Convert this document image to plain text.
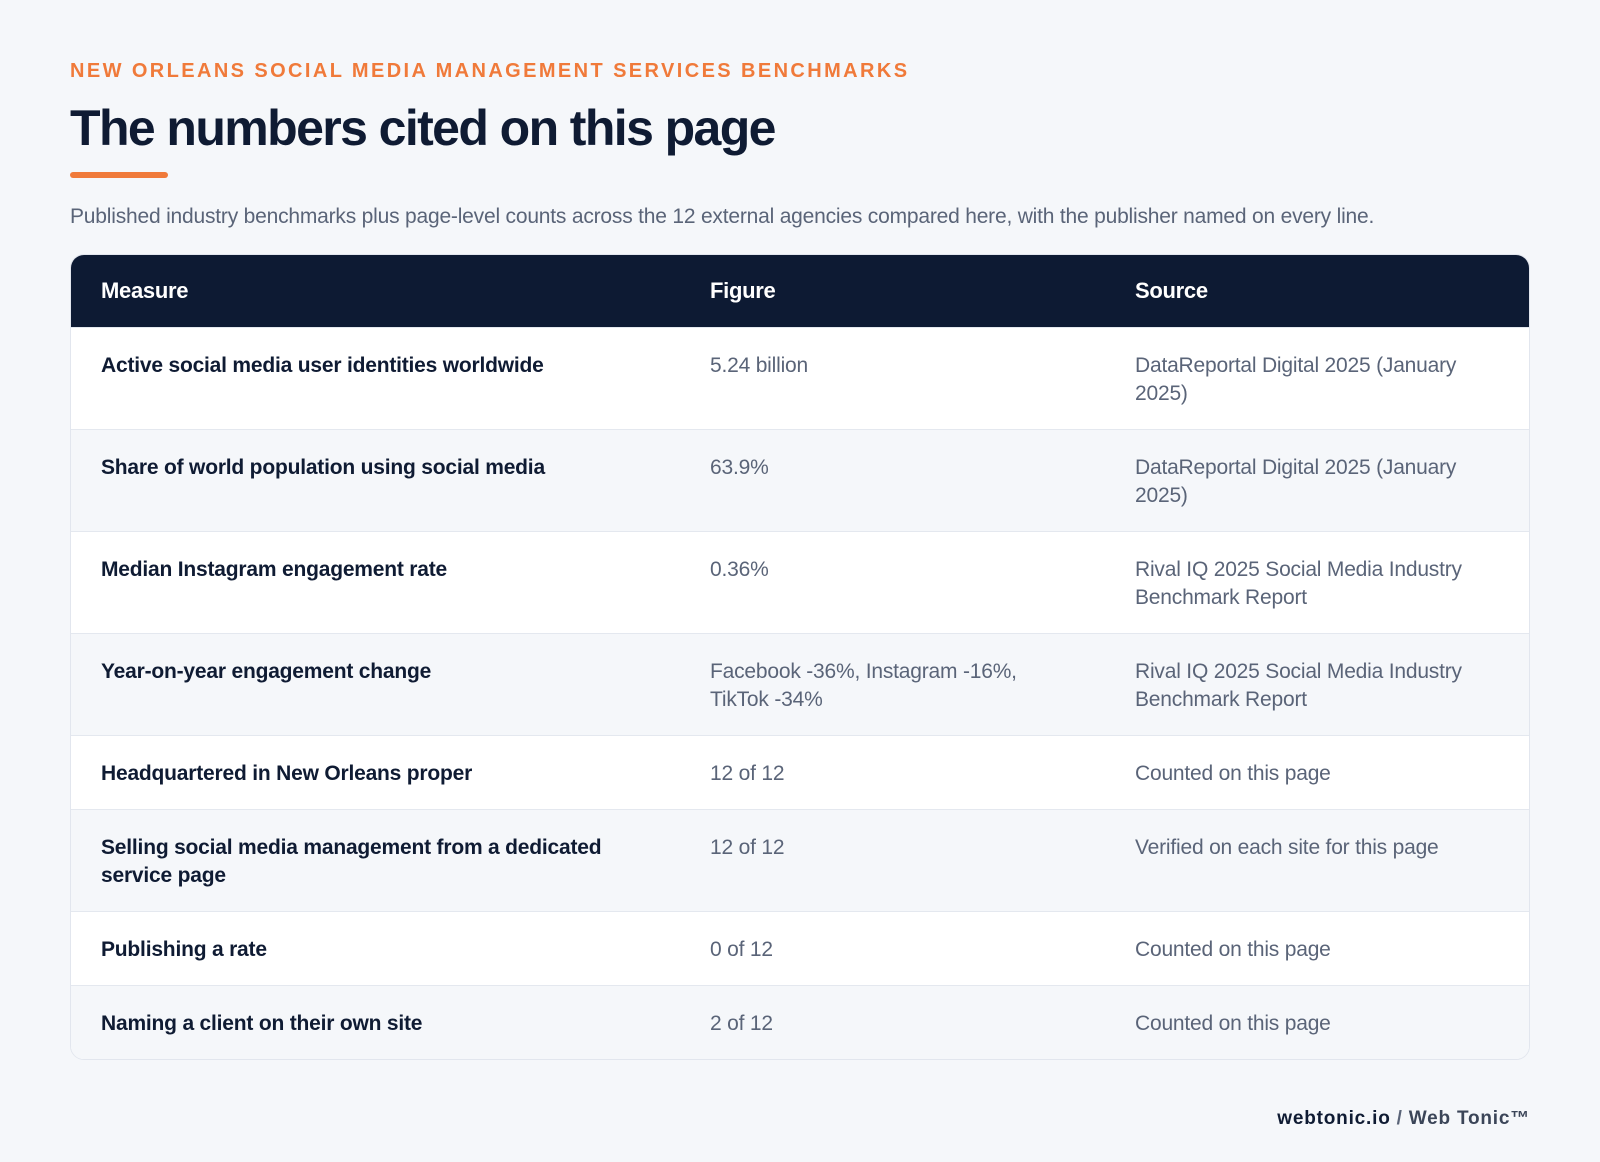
NEW ORLEANS SOCIAL MEDIA MANAGEMENT SERVICES BENCHMARKS
The numbers cited on this page

Published industry benchmarks plus page-level counts across the 12 external agencies compared here, with the publisher named on every line.

Measure	Figure	Source
Active social media user identities worldwide	5.24 billion	DataReportal Digital 2025 (January 2025)
Share of world population using social media	63.9%	DataReportal Digital 2025 (January 2025)
Median Instagram engagement rate	0.36%	Rival IQ 2025 Social Media Industry Benchmark Report
Year-on-year engagement change	Facebook -36%, Instagram -16%, TikTok -34%	Rival IQ 2025 Social Media Industry Benchmark Report
Headquartered in New Orleans proper	12 of 12	Counted on this page
Selling social media management from a dedicated service page	12 of 12	Verified on each site for this page
Publishing a rate	0 of 12	Counted on this page
Naming a client on their own site	2 of 12	Counted on this page
webtonic.io / Web Tonic™
